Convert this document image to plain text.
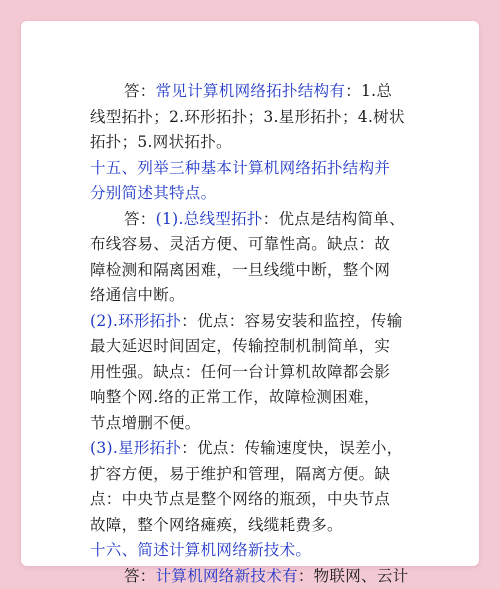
答：常见计算机网络拓扑结构有：1.总
线型拓扑；2.环形拓扑；3.星形拓扑；4.树状
拓扑；5.网状拓扑。
十五、列举三种基本计算机网络拓扑结构并
分别简述其特点。
答：(1).总线型拓扑：优点是结构简单、
布线容易、灵活方便、可靠性高。缺点：故
障检测和隔离困难，一旦线缆中断，整个网
络通信中断。
(2).环形拓扑：优点：容易安装和监控，传输
最大延迟时间固定，传输控制机制简单，实
用性强。缺点：任何一台计算机故障都会影
响整个网.络的正常工作，故障检测困难，
节点增删不便。
(3).星形拓扑：优点：传输速度快，误差小，
扩容方便，易于维护和管理，隔离方便。缺
点：中央节点是整个网络的瓶颈，中央节点
故障，整个网络瘫痪，线缆耗费多。
十六、简述计算机网络新技术。
答：计算机网络新技术有：物联网、云计
